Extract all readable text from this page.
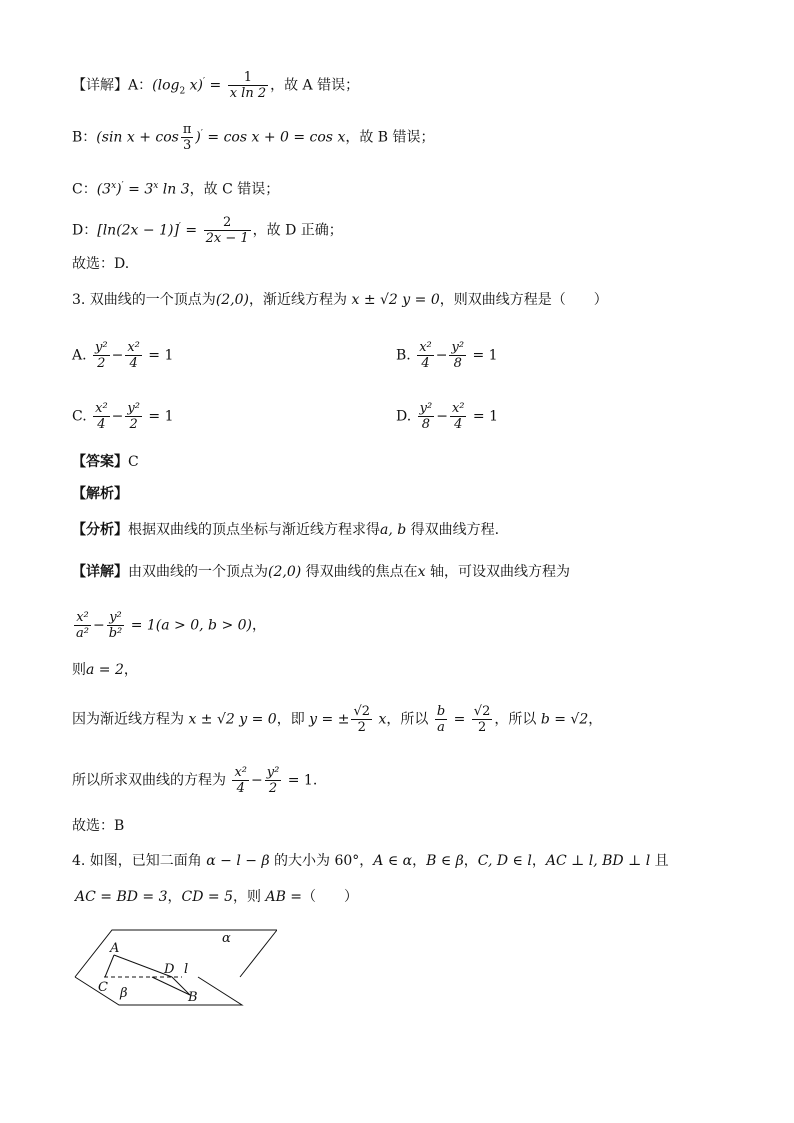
【详解】A：($\log_2$ $x)' = \frac{1}{\text{x ln 2}}$ ，故 A 错误；
B：(sin $x + \cos \frac{\pi}{3} )' = \cos x + 0 = \cos x$，故 B 错误；
C：$(3^x)' = 3^x$ ln 3，故 C 错误；
D：$[\ln(2x - 1)]' = \frac{2}{2x - 1}$ ，故 D 正确；
故选：D.
3. 双曲线的一个顶点为(2,0)，渐近线方程为 x ± √2 y = 0，则双曲线方程是（　　）
A. $\frac{\text{y²}}{2} - \frac{\text{x²}}{4} = 1$	B. $\frac{\text{x²}}{4} - \frac{\text{y²}}{8} = 1$
C. $\frac{\text{x²}}{4} - \frac{\text{y²}}{2} = 1$	D. $\frac{\text{y²}}{8} - \frac{\text{x²}}{4} = 1$
【答案】C
【解析】
【分析】根据双曲线的顶点坐标与渐近线方程求得a, b 得双曲线方程.
【详解】由双曲线的一个顶点为(2,0) 得双曲线的焦点在x 轴，可设双曲线方程为
$\frac{\text{x²}}{\text{a²}} - \frac{\text{y²}}{\text{b²}} = 1(a > 0$, b > 0)，
则a = 2，
因为渐近线方程为 x ± √2 y = 0，即 y = ± $\frac{√2}{2}$ x，所以 $\frac{b}{a} = \frac{√2}{2}$ ，所以 b = √2，
所以所求双曲线的方程为 $\frac{\text{x²}}{4} - \frac{\text{y²}}{2} = 1$.
故选：B
4. 如图，已知二面角 α − l − β 的大小为 60°，A ∈ α，B ∈ β，C, D ∈ l，AC ⊥ l, BD ⊥ l 且
AC = BD = 3，CD = 5，则 AB =（　　）
A
C
D l
α
β	B
